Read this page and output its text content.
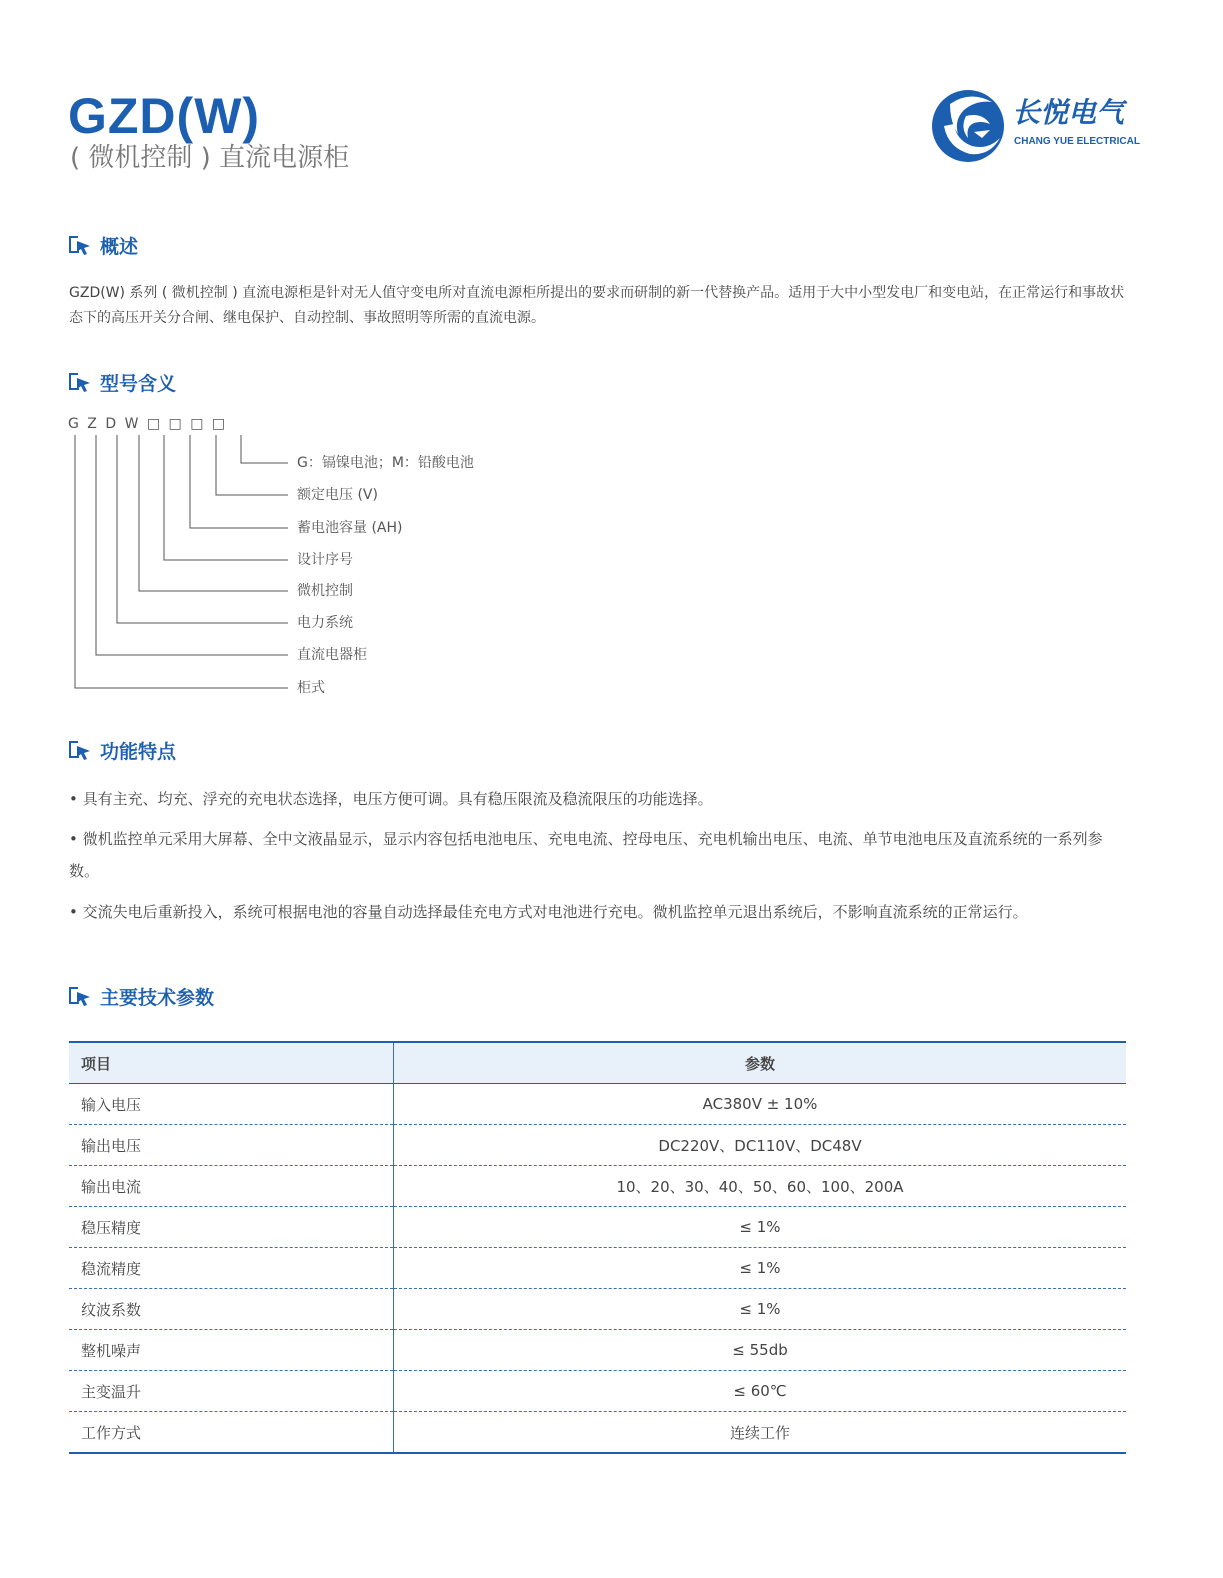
GZD(W)
( 微机控制 ) 直流电源柜
长悦电气
CHANG YUE ELECTRICAL
概述

GZD(W) 系列 ( 微机控制 ) 直流电源柜是针对无人值守变电所对直流电源柜所提出的要求而研制的新一代替换产品。适用于大中小型发电厂和变电站，在正常运行和事故状态下的高压开关分合闸、继电保护、自动控制、事故照明等所需的直流电源。

型号含义
G Z D W □ □ □ □
G：镉镍电池；M：铅酸电池
额定电压 (V)
蓄电池容量 (AH)
设计序号
微机控制
电力系统
直流电器柜
柜式
功能特点

• 具有主充、均充、浮充的充电状态选择，电压方便可调。具有稳压限流及稳流限压的功能选择。

• 微机监控单元采用大屏幕、全中文液晶显示，显示内容包括电池电压、充电电流、控母电压、充电机输出电压、电流、单节电池电压及直流系统的一系列参数。

• 交流失电后重新投入，系统可根据电池的容量自动选择最佳充电方式对电池进行充电。微机监控单元退出系统后，不影响直流系统的正常运行。

主要技术参数
项目	参数
输入电压	AC380V ± 10%
输出电压	DC220V、DC110V、DC48V
输出电流	10、20、30、40、50、60、100、200A
稳压精度	≤ 1%
稳流精度	≤ 1%
纹波系数	≤ 1%
整机噪声	≤ 55db
主变温升	≤ 60℃
工作方式	连续工作
